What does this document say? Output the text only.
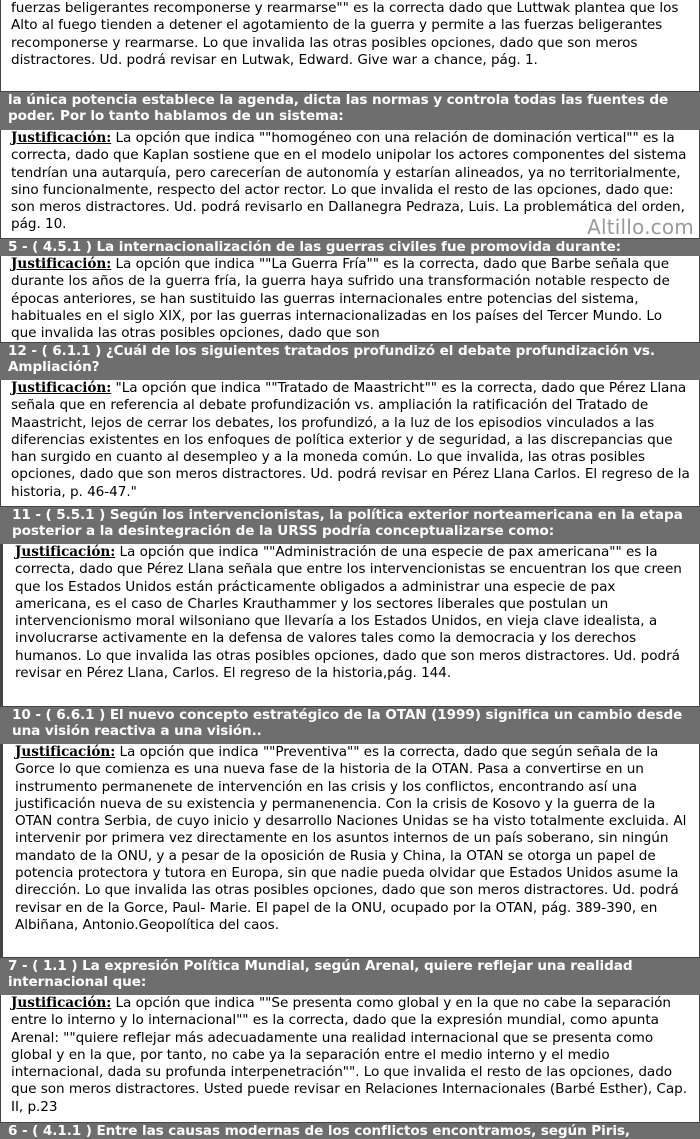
fuerzas beligerantes recomponerse y rearmarse"" es la correcta dado que Luttwak plantea que los Alto al fuego tienden a detener el agotamiento de la guerra y permite a las fuerzas beligerantes recomponerse y rearmarse. Lo que invalida las otras posibles opciones, dado que son meros distractores. Ud. podrá revisar en Lutwak, Edward. Give war a chance, pág. 1.
la única potencia establece la agenda, dicta las normas y controla todas las fuentes de poder. Por lo tanto hablamos de un sistema:
Justificación: La opción que indica ""homogéneo con una relación de dominación vertical"" es la correcta, dado que Kaplan sostiene que en el modelo unipolar los actores componentes del sistema tendrían una autarquía, pero carecerían de autonomía y estarían alineados, ya no territorialmente, sino funcionalmente, respecto del actor rector. Lo que invalida el resto de las opciones, dado que: son meros distractores. Ud. podrá revisarlo en Dallanegra Pedraza, Luis. La problemática del orden, pág. 10.
5 - ( 4.5.1 ) La internacionalización de las guerras civiles fue promovida durante:
Justificación: La opción que indica ""La Guerra Fría"" es la correcta, dado que Barbe señala que durante los años de la guerra fría, la guerra haya sufrido una transformación notable respecto de épocas anteriores, se han sustituido las guerras internacionales entre potencias del sistema, habituales en el siglo XIX, por las guerras internacionalizadas en los países del Tercer Mundo. Lo que invalida las otras posibles opciones, dado que son
12 - ( 6.1.1 ) ¿Cuál de los siguientes tratados profundizó el debate profundización vs. Ampliación?
Justificación: "La opción que indica ""Tratado de Maastricht"" es la correcta, dado que Pérez Llana señala que en referencia al debate profundización vs. ampliación la ratificación del Tratado de Maastricht, lejos de cerrar los debates, los profundizó, a la luz de los episodios vinculados a las diferencias existentes en los enfoques de política exterior y de seguridad, a las discrepancias que han surgido en cuanto al desempleo y a la moneda común. Lo que invalida, las otras posibles opciones, dado que son meros distractores. Ud. podrá revisar en Pérez Llana Carlos. El regreso de la historia, p. 46-47."
11 - ( 5.5.1 ) Según los intervencionistas, la política exterior norteamericana en la etapa posterior a la desintegración de la URSS podría conceptualizarse como:
Justificación: La opción que indica ""Administración de una especie de pax americana"" es la correcta, dado que Pérez Llana señala que entre los intervencionistas se encuentran los que creen que los Estados Unidos están prácticamente obligados a administrar una especie de pax americana, es el caso de Charles Krauthammer y los sectores liberales que postulan un intervencionismo moral wilsoniano que llevaría a los Estados Unidos, en vieja clave idealista, a involucrarse activamente en la defensa de valores tales como la democracia y los derechos humanos. Lo que invalida las otras posibles opciones, dado que son meros distractores. Ud. podrá revisar en Pérez Llana, Carlos. El regreso de la historia,pág. 144.
10 - ( 6.6.1 ) El nuevo concepto estratégico de la OTAN (1999) significa un cambio desde una visión reactiva a una visión..
Justificación: La opción que indica ""Preventiva"" es la correcta, dado que según señala de la Gorce lo que comienza es una nueva fase de la historia de la OTAN. Pasa a convertirse en un instrumento permanenete de intervención en las crisis y los conflictos, encontrando así una justificación nueva de su existencia y permanenencia. Con la crisis de Kosovo y la guerra de la OTAN contra Serbia, de cuyo inicio y desarrollo Naciones Unidas se ha visto totalmente excluida. Al intervenir por primera vez directamente en los asuntos internos de un país soberano, sin ningún mandato de la ONU, y a pesar de la oposición de Rusia y China, la OTAN se otorga un papel de potencia protectora y tutora en Europa, sin que nadie pueda olvidar que Estados Unidos asume la dirección. Lo que invalida las otras posibles opciones, dado que son meros distractores. Ud. podrá revisar en de la Gorce, Paul- Marie. El papel de la ONU, ocupado por la OTAN, pág. 389-390, en Albiñana, Antonio.Geopolítica del caos.
7 - ( 1.1 ) La expresión Política Mundial, según Arenal, quiere reflejar una realidad internacional que:
Justificación: La opción que indica ""Se presenta como global y en la que no cabe la separación entre lo interno y lo internacional"" es la correcta, dado que la expresión mundial, como apunta Arenal: ""quiere reflejar más adecuadamente una realidad internacional que se presenta como global y en la que, por tanto, no cabe ya la separación entre el medio interno y el medio internacional, dada su profunda interpenetración"". Lo que invalida el resto de las opciones, dado que son meros distractores. Usted puede revisar en Relaciones Internacionales (Barbé Esther), Cap. II, p.23
6 - ( 4.1.1 ) Entre las causas modernas de los conflictos encontramos, según Piris,
Altillo.com
